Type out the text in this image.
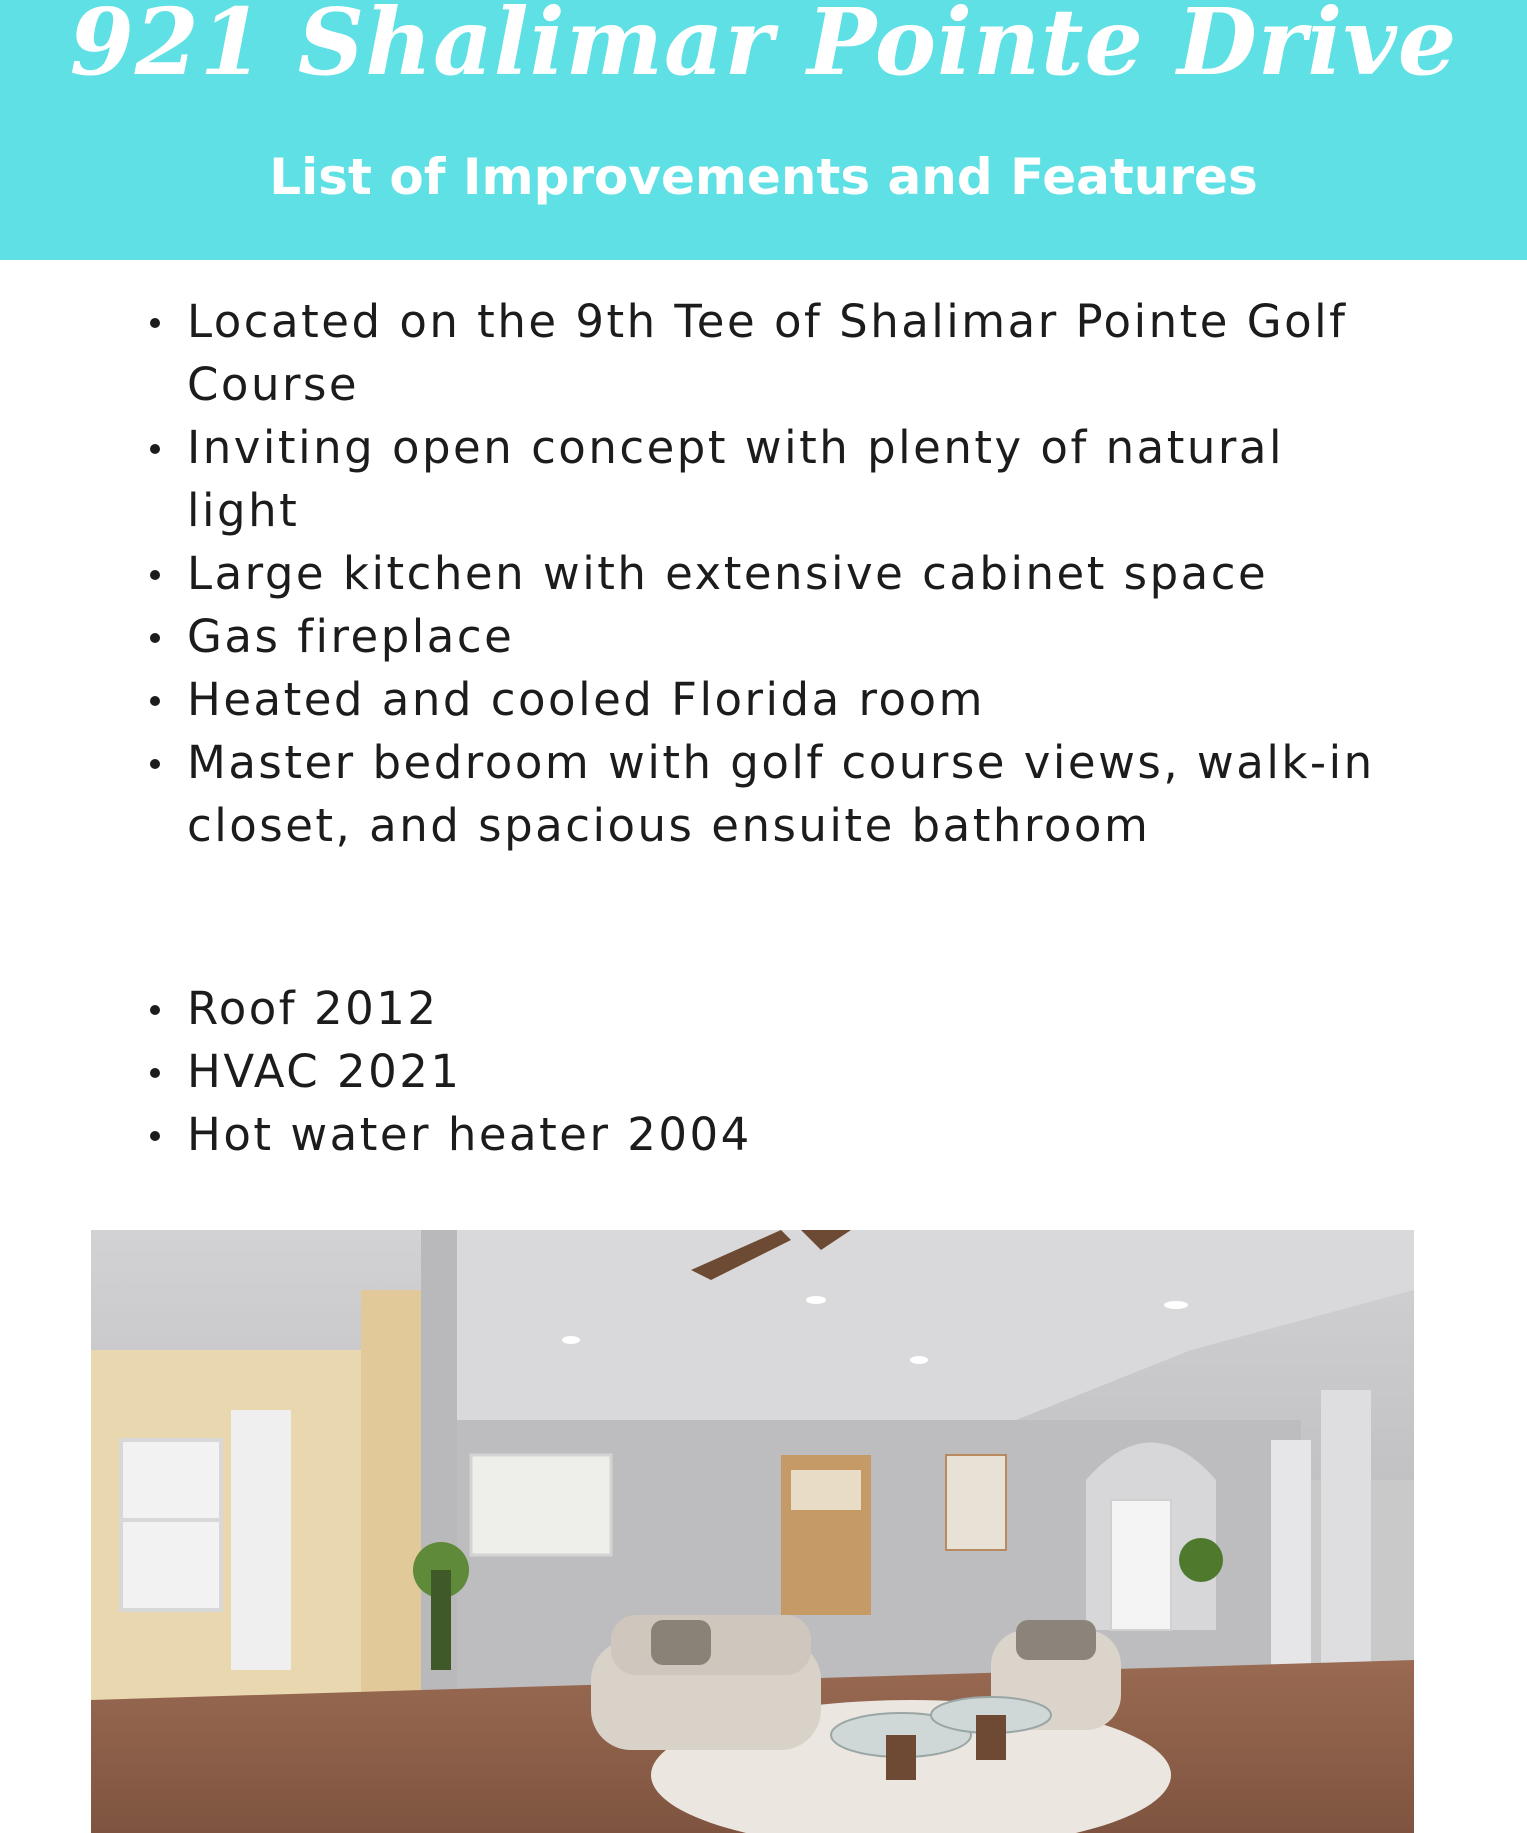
921 Shalimar Pointe Drive
List of Improvements and Features
Located on the 9th Tee of Shalimar Pointe Golf Course
Inviting open concept with plenty of natural light
Large kitchen with extensive cabinet space
Gas fireplace
Heated and cooled Florida room
Master bedroom with golf course views, walk-in closet, and spacious ensuite bathroom
Roof 2012
HVAC 2021
Hot water heater 2004
